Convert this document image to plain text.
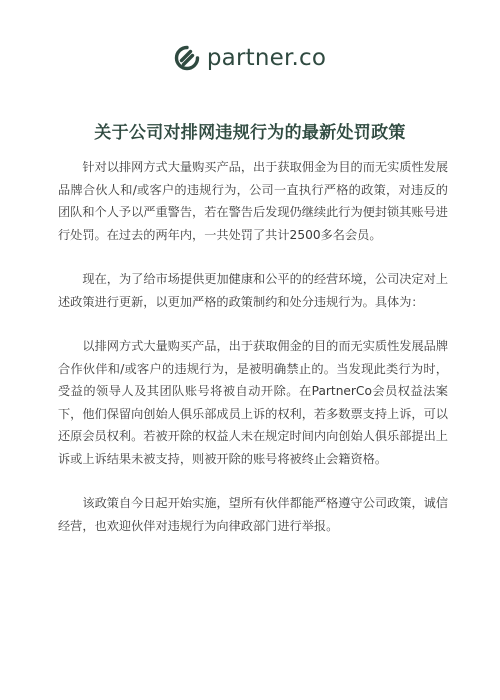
partner.co
关于公司对排网违规行为的最新处罚政策

针对以排网方式大量购买产品，出于获取佣金为目的而无实质性发展品牌合伙人和/或客户的违规行为，公司一直执行严格的政策，对违反的团队和个人予以严重警告，若在警告后发现仍继续此行为便封锁其账号进行处罚。在过去的两年内，一共处罚了共计2500多名会员。

现在，为了给市场提供更加健康和公平的的经营环境，公司决定对上述政策进行更新，以更加严格的政策制约和处分违规行为。具体为：

以排网方式大量购买产品，出于获取佣金的目的而无实质性发展品牌合作伙伴和/或客户的违规行为，是被明确禁止的。当发现此类行为时，受益的领导人及其团队账号将被自动开除。在PartnerCo会员权益法案下，他们保留向创始人俱乐部成员上诉的权利，若多数票支持上诉，可以还原会员权利。若被开除的权益人未在规定时间内向创始人俱乐部提出上诉或上诉结果未被支持，则被开除的账号将被终止会籍资格。

该政策自今日起开始实施，望所有伙伴都能严格遵守公司政策，诚信经营，也欢迎伙伴对违规行为向律政部门进行举报。
